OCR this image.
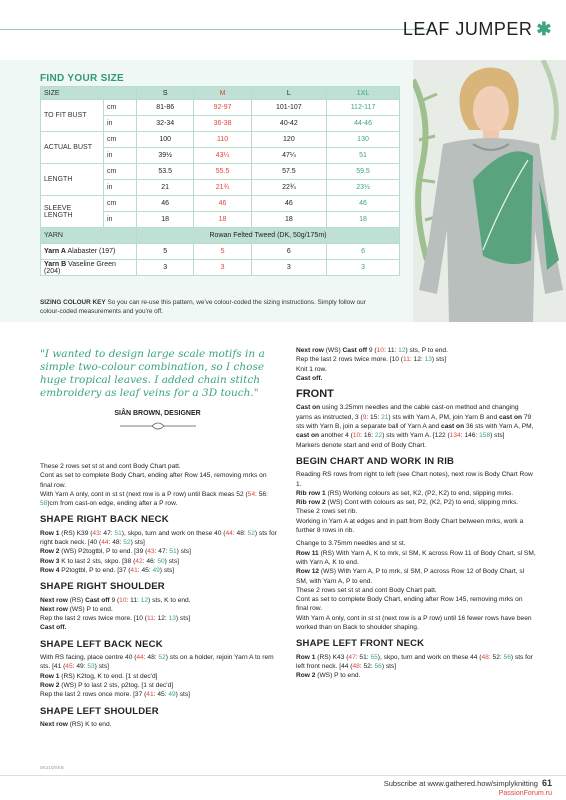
LEAF JUMPER ✱
FIND YOUR SIZE
SIZE		S	M	L	1XL
TO FIT BUST	cm	81-86	92-97	101-107	112-117
	in	32-34	36-38	40-42	44-46
ACTUAL BUST	cm	100	110	120	130
	in	39½	43¼	47¼	51
LENGTH	cm	53.5	55.5	57.5	59.5
	in	21	21¾	22¾	23½
SLEEVE LENGTH	cm	46	46	46	46
	in	18	18	18	18
YARN		Rowan Felted Tweed (DK, 50g/175m)			
Yarn A Alabaster (197)		5	5	6	6
Yarn B Vaseline Green (204)		3	3	3	3
SIZING COLOUR KEY So you can re-use this pattern, we've colour-coded the sizing instructions. Simply follow our colour-coded measurements and you're off.
"I wanted to design large scale motifs in a simple two-colour combination, so I chose huge tropical leaves. I added chain stitch embroidery as leaf veins for a 3D touch."
SIÂN BROWN, DESIGNER

These 2 rows set st st and cont Body Chart patt.

Cont as set to complete Body Chart, ending after Row 145, removing mrks on final row.

With Yarn A only, cont in st st (next row is a P row) until Back meas 52 (54: 56: 58)cm from cast-on edge, ending after a P row.

SHAPE RIGHT BACK NECK

Row 1 (RS) K39 (43: 47: 51), skpo, turn and work on these 40 (44: 48: 52) sts for right back neck. [40 (44: 48: 52) sts]

Row 2 (WS) P2togtbl, P to end. [39 (43: 47: 51) sts]

Row 3 K to last 2 sts, skpo. [38 (42: 46: 50) sts]

Row 4 P2togtbl, P to end. [37 (41: 45: 49) sts]

SHAPE RIGHT SHOULDER

Next row (RS) Cast off 9 (10: 11: 12) sts, K to end.

Next row (WS) P to end.

Rep the last 2 rows twice more. [10 (11: 12: 13) sts]

Cast off.

SHAPE LEFT BACK NECK

With RS facing, place centre 40 (44: 48: 52) sts on a holder, rejoin Yarn A to rem sts. [41 (45: 49: 53) sts]

Row 1 (RS) K2tog, K to end. [1 st dec'd]

Row 2 (WS) P to last 2 sts, p2tog. [1 st dec'd]

Rep the last 2 rows once more. [37 (41: 45: 49) sts]

SHAPE LEFT SHOULDER

Next row (RS) K to end.

Next row (WS) Cast off 9 (10: 11: 12) sts, P to end.

Rep the last 2 rows twice more. [10 (11: 12: 13) sts]

Knit 1 row.

Cast off.

FRONT

Cast on using 3.25mm needles and the cable cast-on method and changing yarns as instructed, 3 (9: 15: 21) sts with Yarn A, PM, join Yarn B and cast on 79 sts with Yarn B, join a separate ball of Yarn A and cast on 36 sts with Yarn A, PM, cast on another 4 (10: 16: 22) sts with Yarn A. [122 (134: 146: 158) sts]

Markers denote start and end of Body Chart.

BEGIN CHART AND WORK IN RIB

Reading RS rows from right to left (see Chart notes), next row is Body Chart Row 1.

Rib row 1 (RS) Working colours as set, K2, (P2, K2) to end, slipping mrks.

Rib row 2 (WS) Cont with colours as set, P2, (K2, P2) to end, slipping mrks.

These 2 rows set rib.

Working in Yarn A at edges and in patt from Body Chart between mrks, work a further 8 rows in rib.

Change to 3.75mm needles and st st.

Row 11 (RS) With Yarn A, K to mrk, sl SM, K across Row 11 of Body Chart, sl SM, with Yarn A, K to end.

Row 12 (WS) With Yarn A, P to mrk, sl SM, P across Row 12 of Body Chart, sl SM, with Yarn A, P to end.

These 2 rows set st st and cont Body Chart patt.

Cont as set to complete Body Chart, ending after Row 145, removing mrks on final row.

With Yarn A only, cont in st st (next row is a P row) until 16 fewer rows have been worked than on Back to shoulder shaping.

SHAPE LEFT FRONT NECK

Row 1 (RS) K43 (47: 51: 55), skpo, turn and work on these 44 (48: 52: 56) sts for left front neck. [44 (48: 52: 56) sts]

Row 2 (WS) P to end.

SK210/SKB
Subscribe at www.gathered.how/simplyknitting 61
PassionForum.ru
